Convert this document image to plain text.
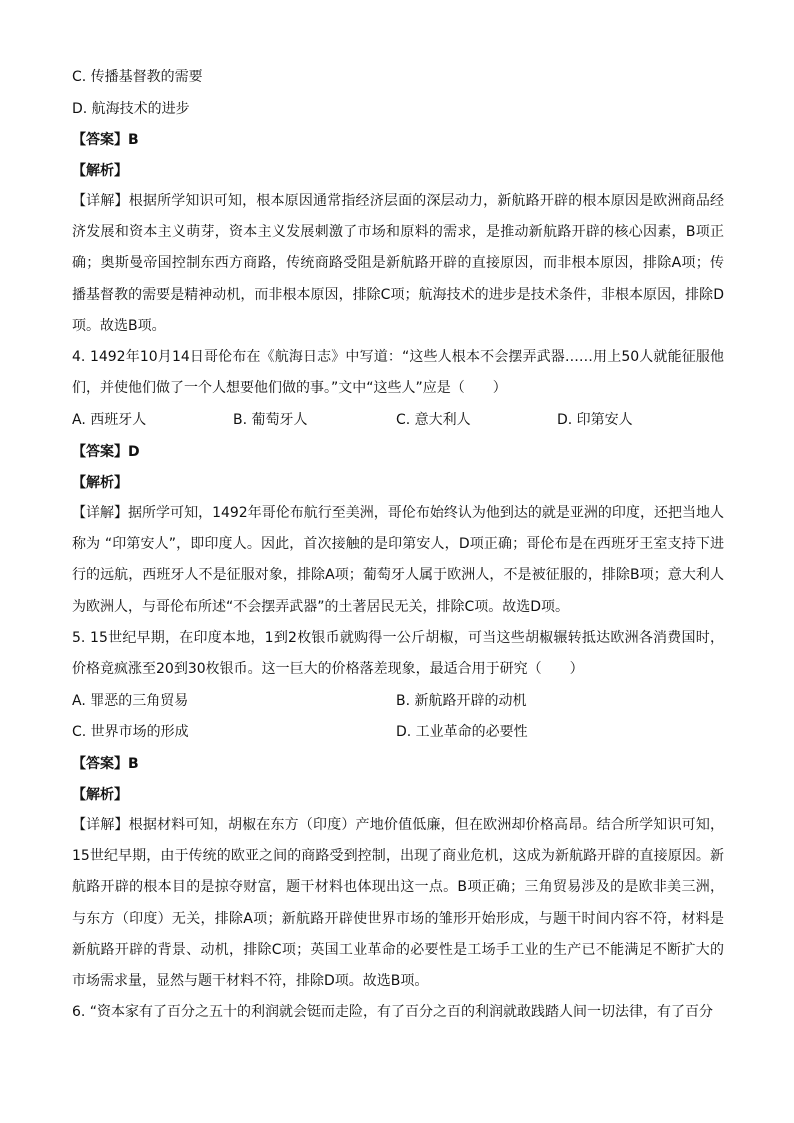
C. 传播基督教的需要
D. 航海技术的进步
【答案】B
【解析】
【详解】根据所学知识可知，根本原因通常指经济层面的深层动力，新航路开辟的根本原因是欧洲商品经济发展和资本主义萌芽，资本主义发展刺激了市场和原料的需求，是推动新航路开辟的核心因素，B项正确；奥斯曼帝国控制东西方商路，传统商路受阻是新航路开辟的直接原因，而非根本原因，排除A项；传播基督教的需要是精神动机，而非根本原因，排除C项；航海技术的进步是技术条件，非根本原因，排除D项。故选B项。
4. 1492年10月14日哥伦布在《航海日志》中写道：“这些人根本不会摆弄武器……用上50人就能征服他们，并使他们做了一个人想要他们做的事。”文中“这些人”应是（　　）
A. 西班牙人	B. 葡萄牙人	C. 意大利人	D. 印第安人
【答案】D
【解析】
【详解】据所学可知，1492年哥伦布航行至美洲，哥伦布始终认为他到达的就是亚洲的印度，还把当地人称为 “印第安人”，即印度人。因此，首次接触的是印第安人，D项正确；哥伦布是在西班牙王室支持下进行的远航，西班牙人不是征服对象，排除A项；葡萄牙人属于欧洲人，不是被征服的，排除B项；意大利人为欧洲人，与哥伦布所述“不会摆弄武器”的土著居民无关，排除C项。故选D项。
5. 15世纪早期，在印度本地，1到2枚银币就购得一公斤胡椒，可当这些胡椒辗转抵达欧洲各消费国时，价格竟疯涨至20到30枚银币。这一巨大的价格落差现象，最适合用于研究（　　）
A. 罪恶的三角贸易	B. 新航路开辟的动机
C. 世界市场的形成	D. 工业革命的必要性
【答案】B
【解析】
【详解】根据材料可知，胡椒在东方（印度）产地价值低廉，但在欧洲却价格高昂。结合所学知识可知，15世纪早期，由于传统的欧亚之间的商路受到控制，出现了商业危机，这成为新航路开辟的直接原因。新航路开辟的根本目的是掠夺财富，题干材料也体现出这一点。B项正确；三角贸易涉及的是欧非美三洲，与东方（印度）无关，排除A项；新航路开辟使世界市场的雏形开始形成，与题干时间内容不符，材料是新航路开辟的背景、动机，排除C项；英国工业革命的必要性是工场手工业的生产已不能满足不断扩大的市场需求量，显然与题干材料不符，排除D项。故选B项。
6. “资本家有了百分之五十的利润就会铤而走险，有了百分之百的利润就敢践踏人间一切法律，有了百分
